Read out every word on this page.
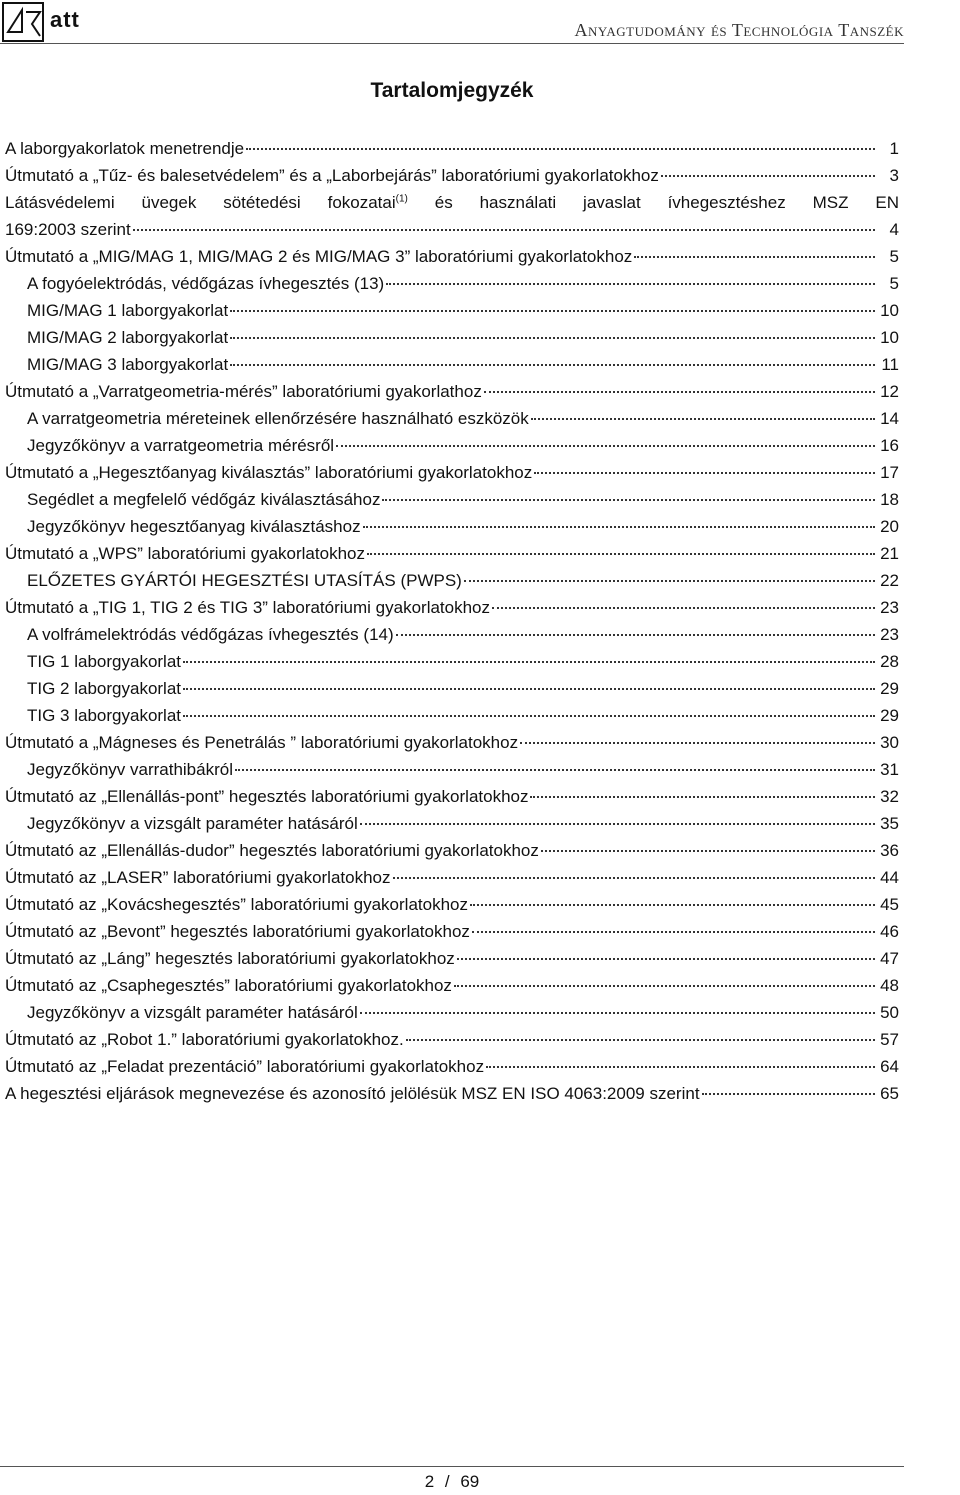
att	Anyagtudomány és Technológia Tanszék
Tartalomjegyzék
A laborgyakorlatok menetrendje	1
Útmutató a „Tűz- és balesetvédelem” és a „Laborbejárás” laboratóriumi gyakorlatokhoz	3
Látásvédelemi üvegek sötétedési fokozatai$^{(1)}$ és használati javaslat ívhegesztéshez MSZ EN
169:2003 szerint	4
Útmutató a „MIG/MAG 1, MIG/MAG 2 és MIG/MAG 3” laboratóriumi gyakorlatokhoz	5
A fogyóelektródás, védőgázas ívhegesztés (13)	5
MIG/MAG 1 laborgyakorlat	10
MIG/MAG 2 laborgyakorlat	10
MIG/MAG 3 laborgyakorlat	11
Útmutató a „Varratgeometria-mérés” laboratóriumi gyakorlathoz	12
A varratgeometria méreteinek ellenőrzésére használható eszközök	14
Jegyzőkönyv a varratgeometria mérésről	16
Útmutató a „Hegesztőanyag kiválasztás” laboratóriumi gyakorlatokhoz	17
Segédlet a megfelelő védőgáz kiválasztásához	18
Jegyzőkönyv hegesztőanyag kiválasztáshoz	20
Útmutató a „WPS” laboratóriumi gyakorlatokhoz	21
ELŐZETES GYÁRTÓI HEGESZTÉSI UTASÍTÁS (PWPS)	22
Útmutató a „TIG 1, TIG 2 és TIG 3” laboratóriumi gyakorlatokhoz	23
A volfrámelektródás védőgázas ívhegesztés (14)	23
TIG 1 laborgyakorlat	28
TIG 2 laborgyakorlat	29
TIG 3 laborgyakorlat	29
Útmutató a „Mágneses és Penetrálás ” laboratóriumi gyakorlatokhoz	30
Jegyzőkönyv varrathibákról	31
Útmutató az „Ellenállás-pont” hegesztés laboratóriumi gyakorlatokhoz	32
Jegyzőkönyv a vizsgált paraméter hatásáról	35
Útmutató az „Ellenállás-dudor” hegesztés laboratóriumi gyakorlatokhoz	36
Útmutató az „LASER” laboratóriumi gyakorlatokhoz	44
Útmutató az „Kovácshegesztés” laboratóriumi gyakorlatokhoz	45
Útmutató az „Bevont” hegesztés laboratóriumi gyakorlatokhoz	46
Útmutató az „Láng” hegesztés laboratóriumi gyakorlatokhoz	47
Útmutató az „Csaphegesztés” laboratóriumi gyakorlatokhoz	48
Jegyzőkönyv a vizsgált paraméter hatásáról	50
Útmutató az „Robot 1.” laboratóriumi gyakorlatokhoz.	57
Útmutató az „Feladat prezentáció” laboratóriumi gyakorlatokhoz	64
A hegesztési eljárások megnevezése és azonosító jelölésük MSZ EN ISO 4063:2009 szerint	65
2 / 69
